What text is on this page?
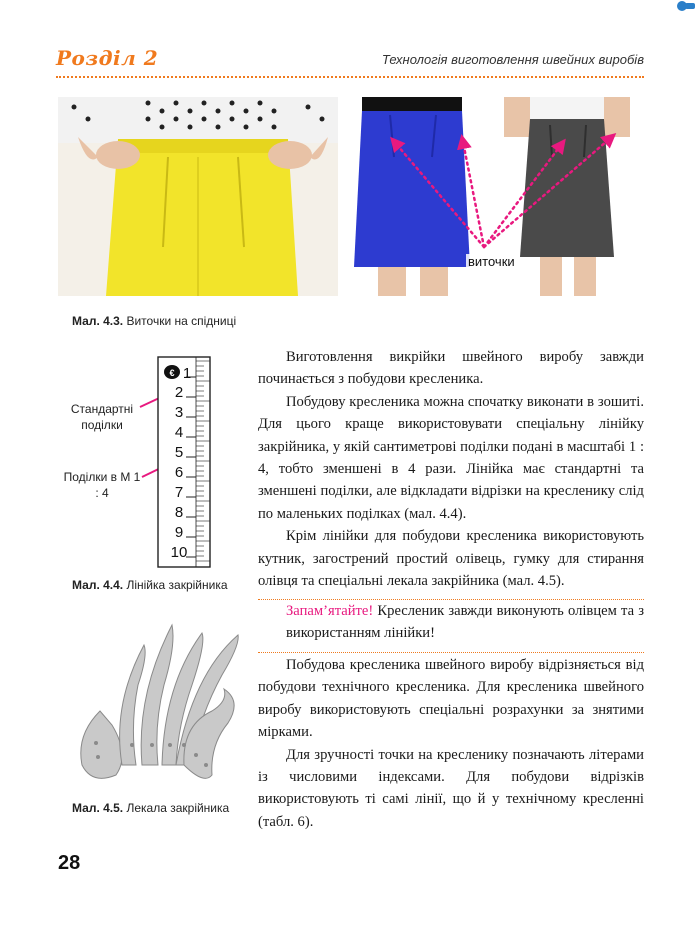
Розділ 2	Технологія виготовлення швейних виробів
виточки
Мал. 4.3. Виточки на спідниці
Стандартні поділки
Поділки в М 1 : 4
2
3
4
5
6
7
8
9
10
€ 1
Мал. 4.4. Лінійка закрійника
Мал. 4.5. Лекала закрійника

Виготовлення викрійки швейного виробу завжди починається з побудови кресленика.

Побудову кресленика можна спочатку виконати в зошиті. Для цього краще використовувати спеціальну лінійку закрійника, у якій сантиметрові поділки подані в масштабі 1 : 4, тобто зменшені в 4 рази. Лінійка має стандартні та зменшені поділки, але відкладати відрізки на кресленику слід по маленьких поділках (мал. 4.4).

Крім лінійки для побудови кресленика використовують кутник, загострений простий олівець, гумку для стирання олівця та спеціальні лекала закрійника (мал. 4.5).

Запам’ятайте! Кресленик завжди виконують олівцем та з використанням лінійки!

Побудова кресленика швейного виробу відрізняється від побудови технічного кресленика. Для кресленика швейного виробу використовують спеціальні розрахунки за знятими мірками.

Для зручності точки на кресленику позначають літерами із числовими індексами. Для побудови відрізків використовують ті самі лінії, що й у технічному кресленні (табл. 6).

28
